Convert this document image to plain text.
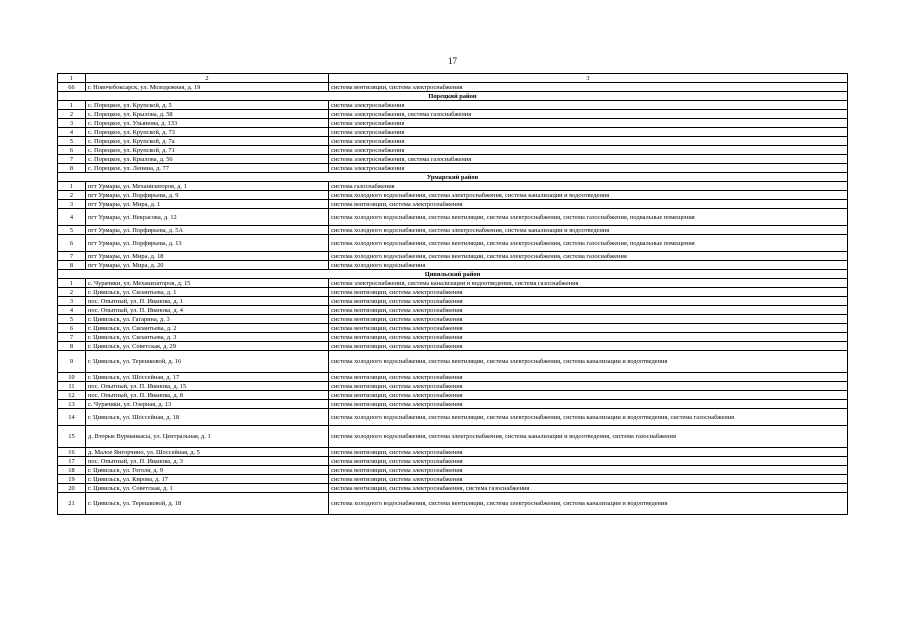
17
1	2	3
66	г. Новочебоксарск, ул. Молодежная, д. 19	система вентиляции, система электроснабжения
Порецкий район		
1	с. Порецкое, ул. Крупской, д. 5	система электроснабжения
2	с. Порецкое, ул. Крылова, д. 58	система электроснабжения, система газоснабжения
3	с. Порецкое, ул. Ульянова, д. 133	система электроснабжения
4	с. Порецкое, ул. Крупской, д. 73	система электроснабжения
5	с. Порецкое, ул. Крупской, д. 7а	система электроснабжения
6	с. Порецкое, ул. Крупской, д. 71	система электроснабжения
7	с. Порецкое, ул. Крылова, д. 56	система электроснабжения, система газоснабжения
8	с. Порецкое, ул. Ленина, д. 77	система электроснабжения
Урмарский район		
1	пгт Урмары, ул. Механизаторов, д. 1	система газоснабжения
2	пгт Урмары, ул. Порфирьева, д. 9	система холодного водоснабжения, система электроснабжения, система канализации и водоотведения
3	пгт Урмары, ул. Мира, д. 1	система вентиляции, система электроснабжения
4	пгт Урмары, ул. Некрасова, д. 12	система холодного водоснабжения, система вентиляции, система электроснабжения, система газоснабжения, подвальные помещения
5	пгт Урмары, ул. Порфирьева, д. 5А	система холодного водоснабжения, система электроснабжения, система канализации и водоотведения
6	пгт Урмары, ул. Порфирьева, д. 13	система холодного водоснабжения, система вентиляции, система электроснабжения, система газоснабжения, подвальные помещения
7	пгт Урмары, ул. Мира, д. 18	система холодного водоснабжения, система вентиляции, система электроснабжения, система газоснабжения
8	пгт Урмары, ул. Мира, д. 20	система холодного водоснабжения
Цивильский район		
1	с. Чурачики, ул. Механизаторов, д. 15	система электроснабжения, система канализации и водоотведения, система газоснабжения
2	г. Цивильск, ул. Силантьева, д. 1	система вентиляции, система электроснабжения
3	пос. Опытный, ул. П. Иванова, д. 1	система вентиляции, система электроснабжения
4	пос. Опытный, ул. П. Иванова, д. 4	система вентиляции, система электроснабжения
5	г. Цивильск, ул. Гагарина, д. 3	система вентиляции, система электроснабжения
6	г. Цивильск, ул. Силантьева, д. 2	система вентиляции, система электроснабжения
7	г. Цивильск, ул. Силантьева, д. 3	система вентиляции, система электроснабжения
8	г. Цивильск, ул. Советская, д. 29	система вентиляции, система электроснабжения
9	г. Цивильск, ул. Терешковой, д. 16	система холодного водоснабжения, система вентиляции, система электроснабжения, система канализации и водоотведения
10	г. Цивильск, ул. Шоссейная, д. 17	система вентиляции, система электроснабжения
11	пос. Опытный, ул. П. Иванова, д. 15	система вентиляции, система электроснабжения
12	пос. Опытный, ул. П. Иванова, д. 8	система вентиляции, система электроснабжения
13	с. Чурачики, ул. Озерная, д. 13	система вентиляции, система электроснабжения
14	г. Цивильск, ул. Шоссейная, д. 18	система холодного водоснабжения, система вентиляции, система электроснабжения, система канализации и водоотведения, система газоснабжения
15	д. Вторые Вурманкасы, ул. Центральная, д. 1	система холодного водоснабжения, система электроснабжения, система канализации и водоотведения, система газоснабжения
16	д. Малое Янгорчино, ул. Шоссейная, д. 5	система вентиляции, система электроснабжения
17	пос. Опытный, ул. П. Иванова, д. 3	система вентиляции, система электроснабжения
18	г. Цивильск, ул. Гоголя, д. 9	система вентиляции, система электроснабжения
19	г. Цивильск, ул. Кирова, д. 17	система вентиляции, система электроснабжения
20	г. Цивильск, ул. Советская, д. 1	система вентиляции, система электроснабжения, система газоснабжения
21	г. Цивильск, ул. Терешковой, д. 18	система холодного водоснабжения, система вентиляции, система электроснабжения, система канализации и водоотведения
